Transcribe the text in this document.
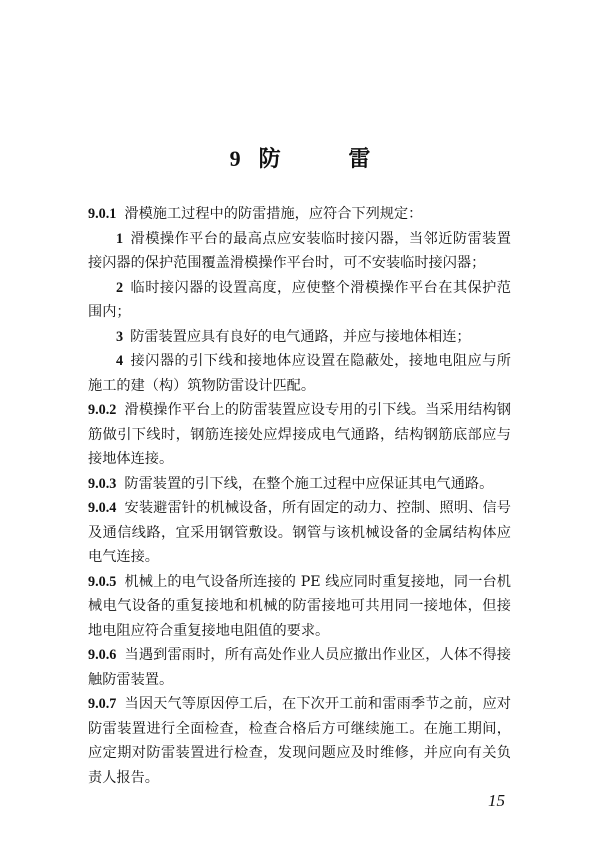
9 防 雷

9.0.1 滑模施工过程中的防雷措施，应符合下列规定：

1 滑模操作平台的最高点应安装临时接闪器，当邻近防雷装置接闪器的保护范围覆盖滑模操作平台时，可不安装临时接闪器；

2 临时接闪器的设置高度，应使整个滑模操作平台在其保护范围内；

3 防雷装置应具有良好的电气通路，并应与接地体相连；

4 接闪器的引下线和接地体应设置在隐蔽处，接地电阻应与所施工的建（构）筑物防雷设计匹配。

9.0.2 滑模操作平台上的防雷装置应设专用的引下线。当采用结构钢筋做引下线时，钢筋连接处应焊接成电气通路，结构钢筋底部应与接地体连接。

9.0.3 防雷装置的引下线，在整个施工过程中应保证其电气通路。

9.0.4 安装避雷针的机械设备，所有固定的动力、控制、照明、信号及通信线路，宜采用钢管敷设。钢管与该机械设备的金属结构体应电气连接。

9.0.5 机械上的电气设备所连接的 PE 线应同时重复接地，同一台机械电气设备的重复接地和机械的防雷接地可共用同一接地体，但接地电阻应符合重复接地电阻值的要求。

9.0.6 当遇到雷雨时，所有高处作业人员应撤出作业区，人体不得接触防雷装置。

9.0.7 当因天气等原因停工后，在下次开工前和雷雨季节之前，应对防雷装置进行全面检查，检查合格后方可继续施工。在施工期间，应定期对防雷装置进行检查，发现问题应及时维修，并应向有关负责人报告。

15
